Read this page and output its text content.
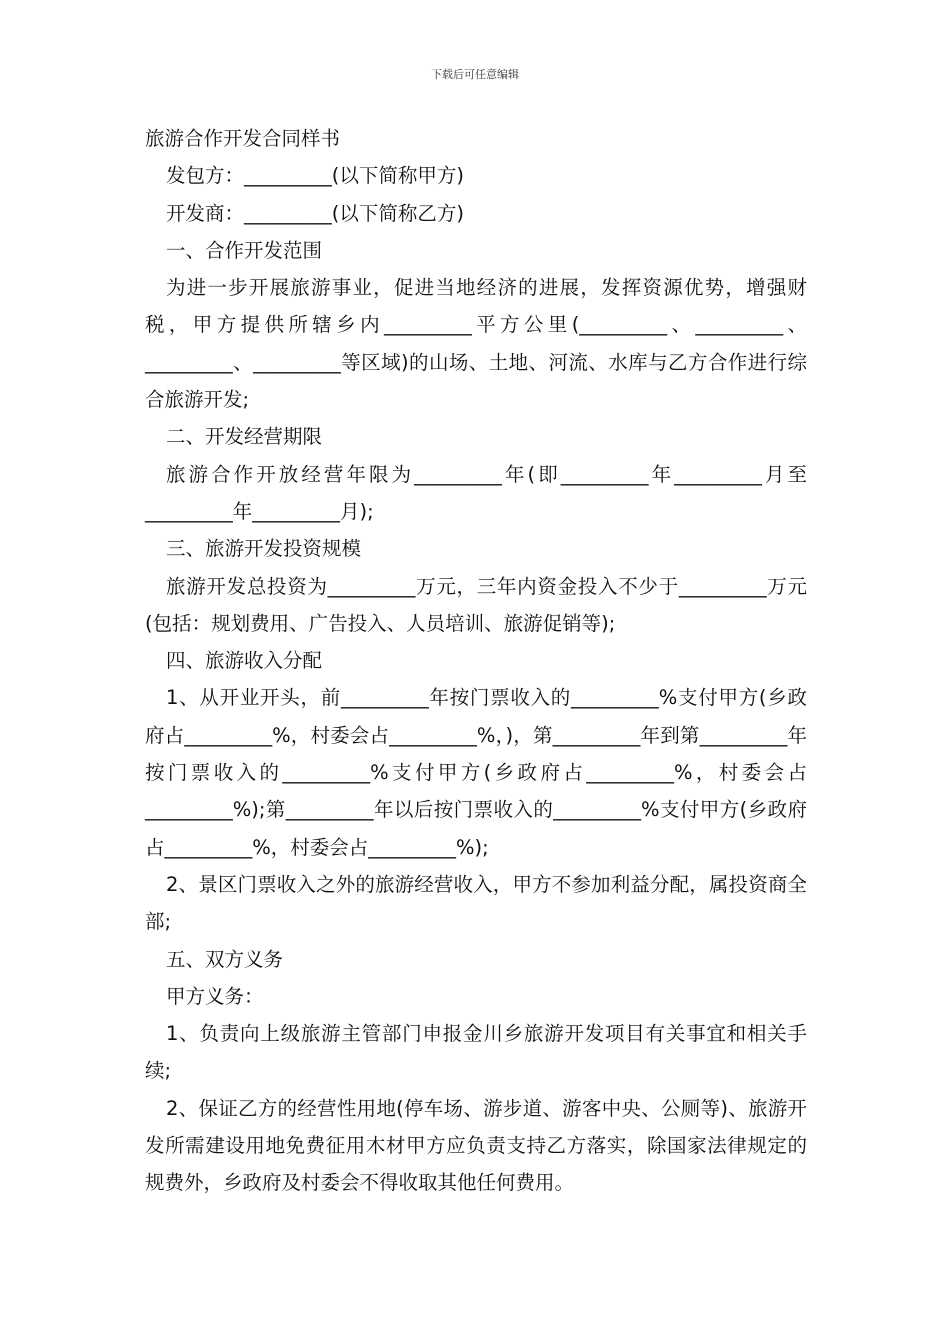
下载后可任意编辑

旅游合作开发合同样书

发包方：_________(以下简称甲方)

开发商：_________(以下简称乙方)

一、合作开发范围

为进一步开展旅游事业，促进当地经济的进展，发挥资源优势，增强财税，甲方提供所辖乡内_________平方公里(_________、_________、_________、_________等区域)的山场、土地、河流、水库与乙方合作进行综合旅游开发;

二、开发经营期限

旅游合作开放经营年限为_________年(即_________年_________月至_________年_________月);

三、旅游开发投资规模

旅游开发总投资为_________万元，三年内资金投入不少于_________万元(包括：规划费用、广告投入、人员培训、旅游促销等);

四、旅游收入分配

1、从开业开头，前_________年按门票收入的_________%支付甲方(乡政府占_________%，村委会占_________%，)，第_________年到第_________年按门票收入的_________%支付甲方(乡政府占_________%，村委会占_________%);第_________年以后按门票收入的_________%支付甲方(乡政府占_________%，村委会占_________%);

2、景区门票收入之外的旅游经营收入，甲方不参加利益分配，属投资商全部;

五、双方义务

甲方义务：

1、负责向上级旅游主管部门申报金川乡旅游开发项目有关事宜和相关手续;

2、保证乙方的经营性用地(停车场、游步道、游客中央、公厕等)、旅游开发所需建设用地免费征用木材甲方应负责支持乙方落实，除国家法律规定的规费外，乡政府及村委会不得收取其他任何费用。
